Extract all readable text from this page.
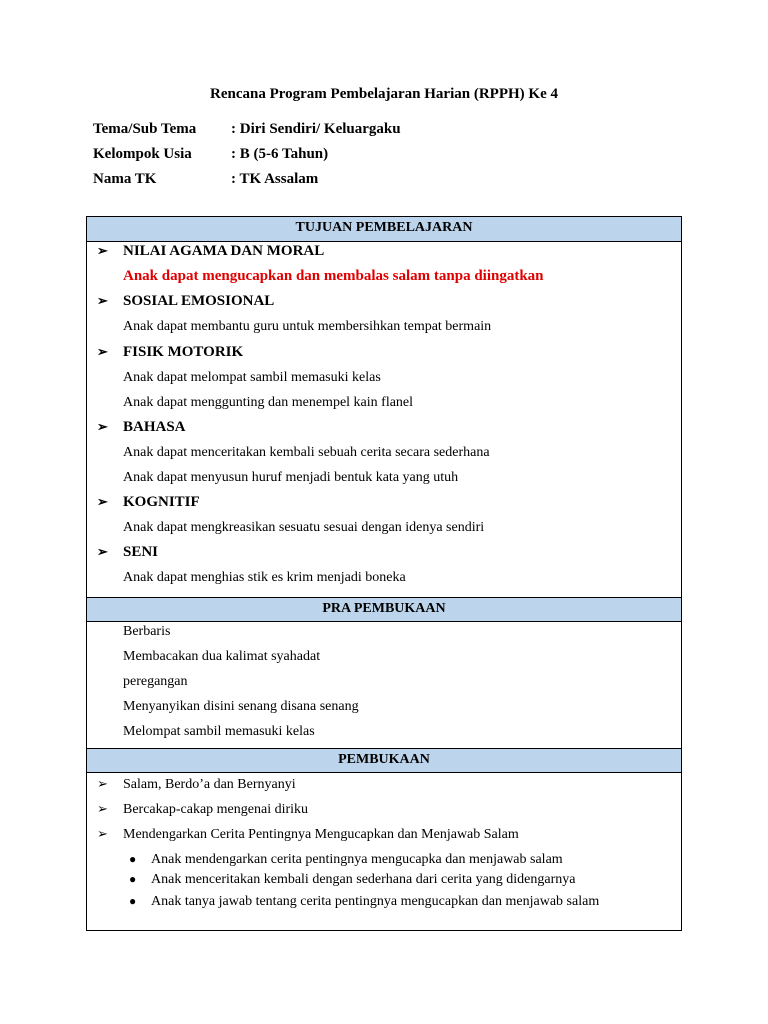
Rencana Program Pembelajaran Harian (RPPH) Ke 4
Tema/Sub Tema : Diri Sendiri/ Keluargaku
Kelompok Usia	: B (5-6 Tahun)
Nama TK	: TK Assalam
TUJUAN PEMBELAJARAN
➢ NILAI AGAMA DAN MORAL
Anak dapat mengucapkan dan membalas salam tanpa diingatkan
➢ SOSIAL EMOSIONAL
Anak dapat membantu guru untuk membersihkan tempat bermain
➢ FISIK MOTORIK
Anak dapat melompat sambil memasuki kelas
Anak dapat menggunting dan menempel kain flanel
➢ BAHASA
Anak dapat menceritakan kembali sebuah cerita secara sederhana
Anak dapat menyusun huruf menjadi bentuk kata yang utuh
➢ KOGNITIF
Anak dapat mengkreasikan sesuatu sesuai dengan idenya sendiri
➢ SENI
Anak dapat menghias stik es krim menjadi boneka
PRA PEMBUKAAN
Berbaris
Membacakan dua kalimat syahadat
peregangan
Menyanyikan disini senang disana senang
Melompat sambil memasuki kelas
PEMBUKAAN
➢ Salam, Berdo’a dan Bernyanyi
➢ Bercakap-cakap mengenai diriku
➢ Mendengarkan Cerita Pentingnya Mengucapkan dan Menjawab Salam
● Anak mendengarkan cerita pentingnya mengucapka dan menjawab salam
● Anak menceritakan kembali dengan sederhana dari cerita yang didengarnya
● Anak tanya jawab tentang cerita pentingnya mengucapkan dan menjawab salam
